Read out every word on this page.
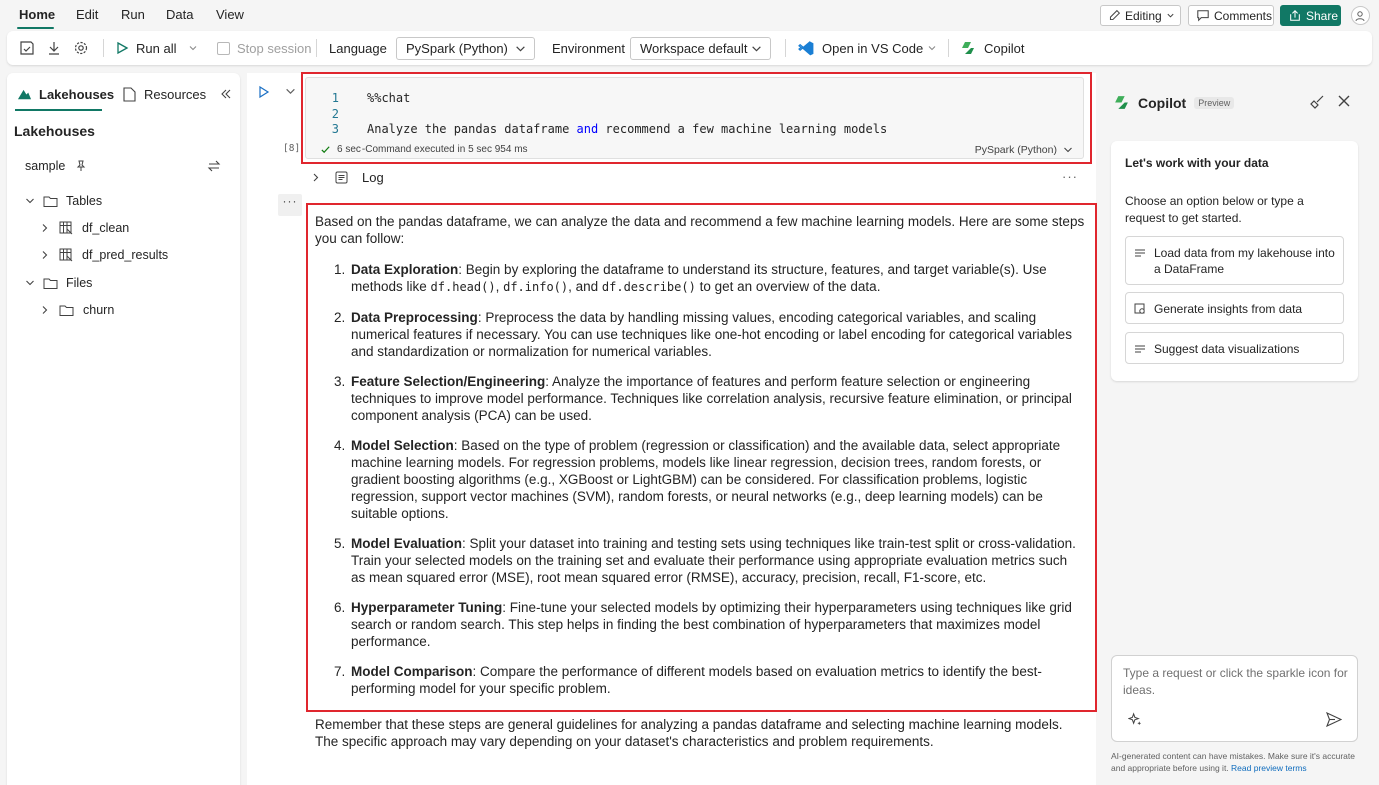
Home Edit Run Data View	Editing	Comments	Share
Run all	Stop session Language PySpark (Python)	Environment Workspace default	Open in VS Code	Copilot
Lakehouses Resources
Lakehouses
sample
Tables
df_clean
df_pred_results
Files
churn
[8]
1
2
3
%%chat
Analyze the pandas dataframe and recommend a few machine learning models
6 sec -Command executed in 5 sec 954 ms	PySpark (Python)
Log	···
···

Based on the pandas dataframe, we can analyze the data and recommend a few machine learning models. Here are some steps you can follow:

1. Data Exploration: Begin by exploring the dataframe to understand its structure, features, and target variable(s). Use methods like df.head(), df.info(), and df.describe() to get an overview of the data.
2. Data Preprocessing: Preprocess the data by handling missing values, encoding categorical variables, and scaling numerical features if necessary. You can use techniques like one-hot encoding or label encoding for categorical variables and standardization or normalization for numerical variables.
3. Feature Selection/Engineering: Analyze the importance of features and perform feature selection or engineering techniques to improve model performance. Techniques like correlation analysis, recursive feature elimination, or principal component analysis (PCA) can be used.
4. Model Selection: Based on the type of problem (regression or classification) and the available data, select appropriate machine learning models. For regression problems, models like linear regression, decision trees, random forests, or gradient boosting algorithms (e.g., XGBoost or LightGBM) can be considered. For classification problems, logistic regression, support vector machines (SVM), random forests, or neural networks (e.g., deep learning models) can be suitable options.
5. Model Evaluation: Split your dataset into training and testing sets using techniques like train-test split or cross-validation. Train your selected models on the training set and evaluate their performance using appropriate evaluation metrics such as mean squared error (MSE), root mean squared error (RMSE), accuracy, precision, recall, F1-score, etc.
6. Hyperparameter Tuning: Fine-tune your selected models by optimizing their hyperparameters using techniques like grid search or random search. This step helps in finding the best combination of hyperparameters that maximizes model performance.
7. Model Comparison: Compare the performance of different models based on evaluation metrics to identify the best-performing model for your specific problem.

Remember that these steps are general guidelines for analyzing a pandas dataframe and selecting machine learning models. The specific approach may vary depending on your dataset's characteristics and problem requirements.

Copilot	Preview
Let's work with your data
Choose an option below or type a request to get started.
Load data from my lakehouse into a DataFrame
Generate insights from data
Suggest data visualizations
Type a request or click the sparkle icon for ideas.
AI-generated content can have mistakes. Make sure it's accurate and appropriate before using it. Read preview terms
